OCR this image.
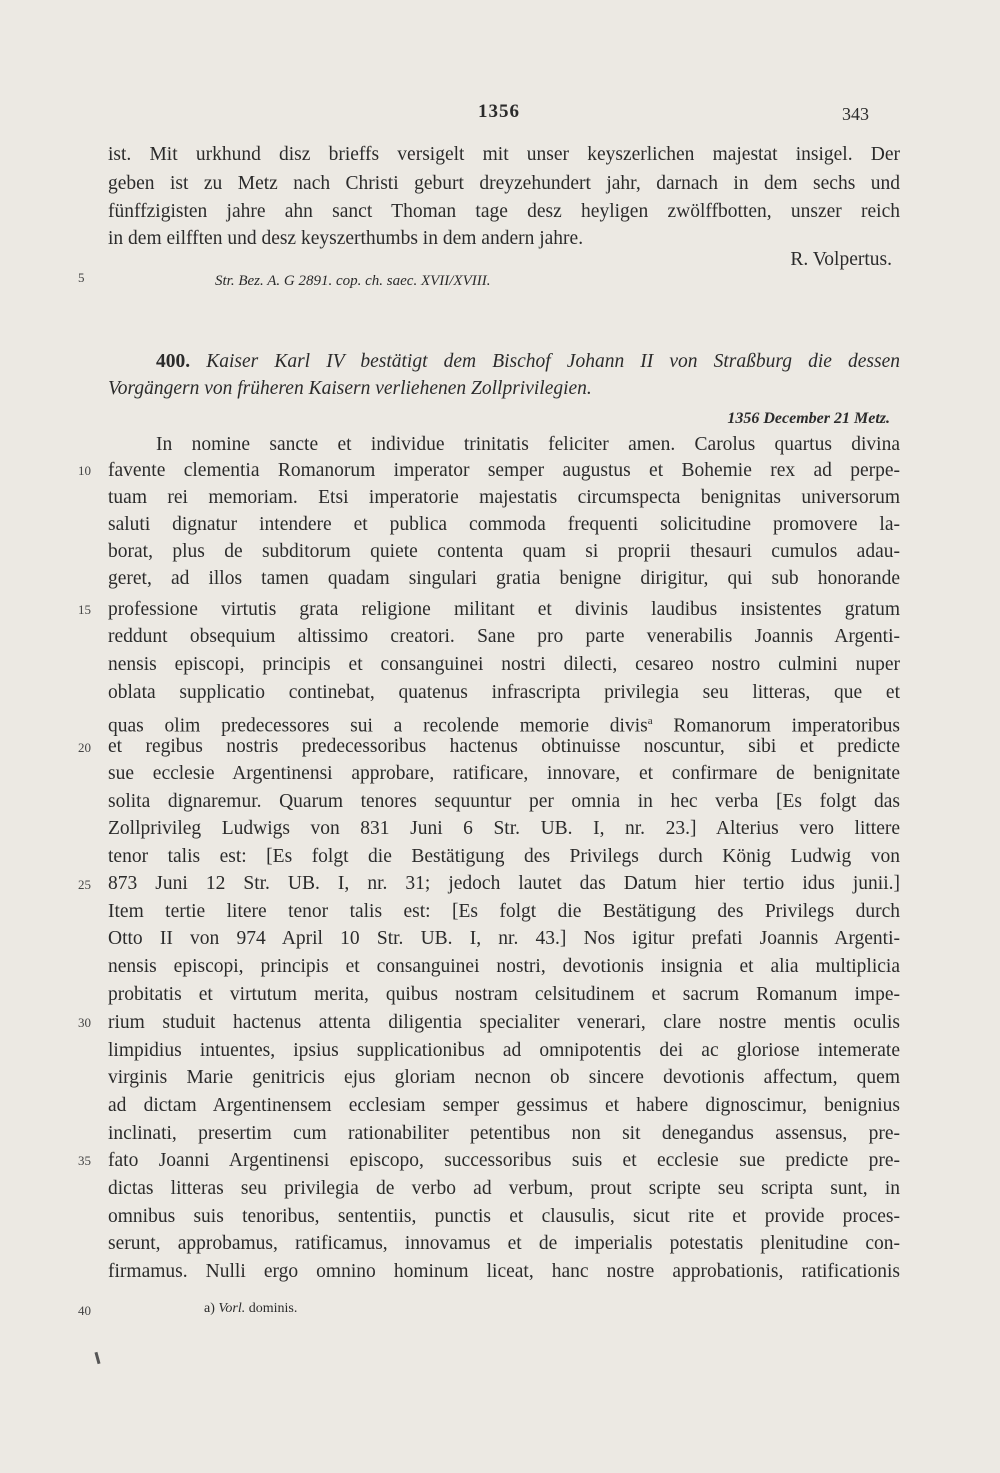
1356	343
ist. Mit urkhund disz brieffs versigelt mit unser keyszerlichen majestat insigel. Der
geben ist zu Metz nach Christi geburt dreyzehundert jahr, darnach in dem sechs und
fünffzigisten jahre ahn sanct Thoman tage desz heyligen zwölffbotten, unszer reich
in dem eilfften und desz keyszerthumbs in dem andern jahre.
R. Volpertus.
5	Str. Bez. A. G 2891. cop. ch. saec. XVII/XVIII.
400. Kaiser Karl IV bestätigt dem Bischof Johann II von Straßburg die dessen
Vorgängern von früheren Kaisern verliehenen Zollprivilegien.
1356 December 21 Metz.
In nomine sancte et individue trinitatis feliciter amen. Carolus quartus divina
10 favente clementia Romanorum imperator semper augustus et Bohemie rex ad perpe-
tuam rei memoriam. Etsi imperatorie majestatis circumspecta benignitas universorum
saluti dignatur intendere et publica commoda frequenti solicitudine promovere la-
borat, plus de subditorum quiete contenta quam si proprii thesauri cumulos adau-
geret, ad illos tamen quadam singulari gratia benigne dirigitur, qui sub honorande
15 professione virtutis grata religione militant et divinis laudibus insistentes gratum
reddunt obsequium altissimo creatori. Sane pro parte venerabilis Joannis Argenti-
nensis episcopi, principis et consanguinei nostri dilecti, cesareo nostro culmini nuper
oblata supplicatio continebat, quatenus infrascripta privilegia seu litteras, que et
quas olim predecessores sui a recolende memorie divis$^a$ Romanorum imperatoribus
20 et regibus nostris predecessoribus hactenus obtinuisse noscuntur, sibi et predicte
sue ecclesie Argentinensi approbare, ratificare, innovare, et confirmare de benignitate
solita dignaremur. Quarum tenores sequuntur per omnia in hec verba [Es folgt das
Zollprivileg Ludwigs von 831 Juni 6 Str. UB. I, nr. 23.] Alterius vero littere
tenor talis est: [Es folgt die Bestätigung des Privilegs durch König Ludwig von
25 873 Juni 12 Str. UB. I, nr. 31; jedoch lautet das Datum hier tertio idus junii.]
Item tertie litere tenor talis est: [Es folgt die Bestätigung des Privilegs durch
Otto II von 974 April 10 Str. UB. I, nr. 43.] Nos igitur prefati Joannis Argenti-
nensis episcopi, principis et consanguinei nostri, devotionis insignia et alia multiplicia
probitatis et virtutum merita, quibus nostram celsitudinem et sacrum Romanum impe-
30 rium studuit hactenus attenta diligentia specialiter venerari, clare nostre mentis oculis
limpidius intuentes, ipsius supplicationibus ad omnipotentis dei ac gloriose intemerate
virginis Marie genitricis ejus gloriam necnon ob sincere devotionis affectum, quem
ad dictam Argentinensem ecclesiam semper gessimus et habere dignoscimur, benignius
inclinati, presertim cum rationabiliter petentibus non sit denegandus assensus, pre-
35 fato Joanni Argentinensi episcopo, successoribus suis et ecclesie sue predicte pre-
dictas litteras seu privilegia de verbo ad verbum, prout scripte seu scripta sunt, in
omnibus suis tenoribus, sententiis, punctis et clausulis, sicut rite et provide proces-
serunt, approbamus, ratificamus, innovamus et de imperialis potestatis plenitudine con-
firmamus. Nulli ergo omnino hominum liceat, hanc nostre approbationis, ratificationis
40	a) Vorl. dominis.
